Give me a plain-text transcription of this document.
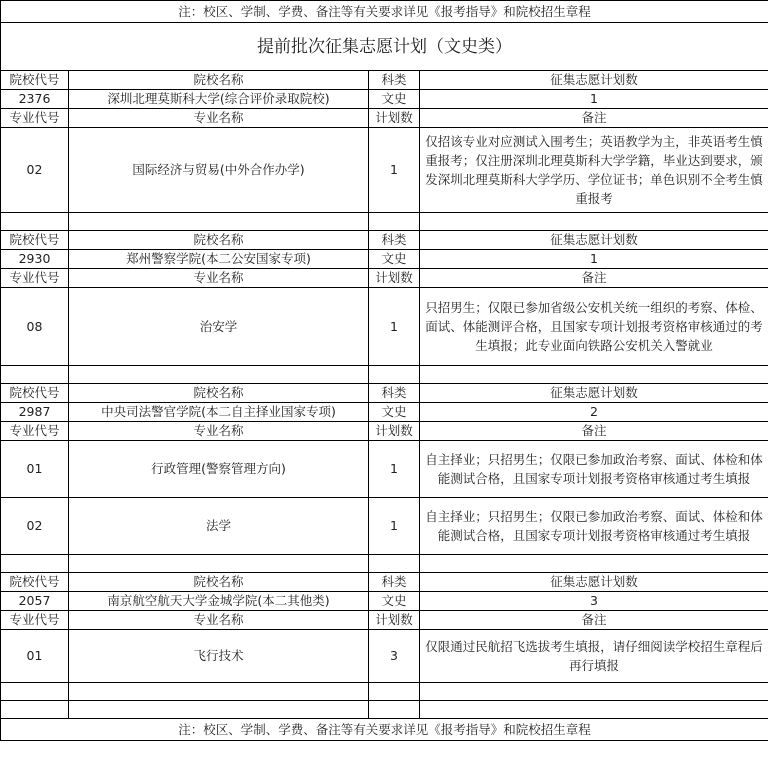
注：校区、学制、学费、备注等有关要求详见《报考指导》和院校招生章程			
提前批次征集志愿计划（文史类）			
院校代号	院校名称	科类	征集志愿计划数
2376	深圳北理莫斯科大学(综合评价录取院校)	文史	1
专业代号	专业名称	计划数	备注
02	国际经济与贸易(中外合作办学)	1	仅招该专业对应测试入围考生；英语教学为主，非英语考生慎重报考；仅注册深圳北理莫斯科大学学籍，毕业达到要求，颁发深圳北理莫斯科大学学历、学位证书；单色识别不全考生慎重报考

院校代号	院校名称	科类	征集志愿计划数
2930	郑州警察学院(本二公安国家专项)	文史	1
专业代号	专业名称	计划数	备注
08	治安学	1	只招男生；仅限已参加省级公安机关统一组织的考察、体检、面试、体能测评合格，且国家专项计划报考资格审核通过的考生填报；此专业面向铁路公安机关入警就业

院校代号	院校名称	科类	征集志愿计划数
2987	中央司法警官学院(本二自主择业国家专项)	文史	2
专业代号	专业名称	计划数	备注
01	行政管理(警察管理方向)	1	自主择业；只招男生；仅限已参加政治考察、面试、体检和体能测试合格，且国家专项计划报考资格审核通过考生填报
02	法学	1	自主择业；只招男生；仅限已参加政治考察、面试、体检和体能测试合格，且国家专项计划报考资格审核通过考生填报

院校代号	院校名称	科类	征集志愿计划数
2057	南京航空航天大学金城学院(本二其他类)	文史	3
专业代号	专业名称	计划数	备注
01	飞行技术	3	仅限通过民航招飞选拔考生填报，请仔细阅读学校招生章程后再行填报

注：校区、学制、学费、备注等有关要求详见《报考指导》和院校招生章程			
